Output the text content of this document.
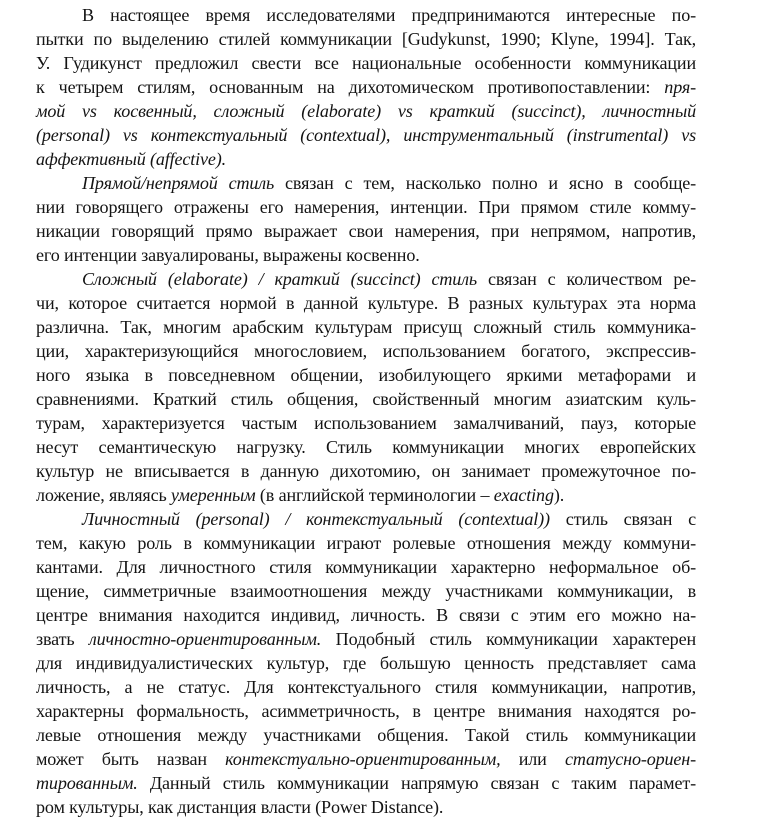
В настоящее время исследователями предпринимаются интересные по-
пытки по выделению стилей коммуникации [Gudykunst, 1990; Klyne, 1994]. Так,
У. Гудикунст предложил свести все национальные особенности коммуникации
к четырем стилям, основанным на дихотомическом противопоставлении: пря-
мой vs косвенный, сложный (elaborate) vs краткий (succinct), личностный
(personal) vs контекстуальный (contextual), инструментальный (instrumental) vs
аффективный (affective).
Прямой/непрямой стиль связан с тем, насколько полно и ясно в сообще-
нии говорящего отражены его намерения, интенции. При прямом стиле комму-
никации говорящий прямо выражает свои намерения, при непрямом, напротив,
его интенции завуалированы, выражены косвенно.
Сложный (elaborate) / краткий (succinct) стиль связан с количеством ре-
чи, которое считается нормой в данной культуре. В разных культурах эта норма
различна. Так, многим арабским культурам присущ сложный стиль коммуника-
ции, характеризующийся многословием, использованием богатого, экспрессив-
ного языка в повседневном общении, изобилующего яркими метафорами и
сравнениями. Краткий стиль общения, свойственный многим азиатским куль-
турам, характеризуется частым использованием замалчиваний, пауз, которые
несут семантическую нагрузку. Стиль коммуникации многих европейских
культур не вписывается в данную дихотомию, он занимает промежуточное по-
ложение, являясь умеренным (в английской терминологии – exacting).
Личностный (personal) / контекстуальный (contextual)) стиль связан с
тем, какую роль в коммуникации играют ролевые отношения между коммуни-
кантами. Для личностного стиля коммуникации характерно неформальное об-
щение, симметричные взаимоотношения между участниками коммуникации, в
центре внимания находится индивид, личность. В связи с этим его можно на-
звать личностно-ориентированным. Подобный стиль коммуникации характерен
для индивидуалистических культур, где большую ценность представляет сама
личность, а не статус. Для контекстуального стиля коммуникации, напротив,
характерны формальность, асимметричность, в центре внимания находятся ро-
левые отношения между участниками общения. Такой стиль коммуникации
может быть назван контекстуально-ориентированным, или статусно-ориен-
тированным. Данный стиль коммуникации напрямую связан с таким парамет-
ром культуры, как дистанция власти (Power Distance).
